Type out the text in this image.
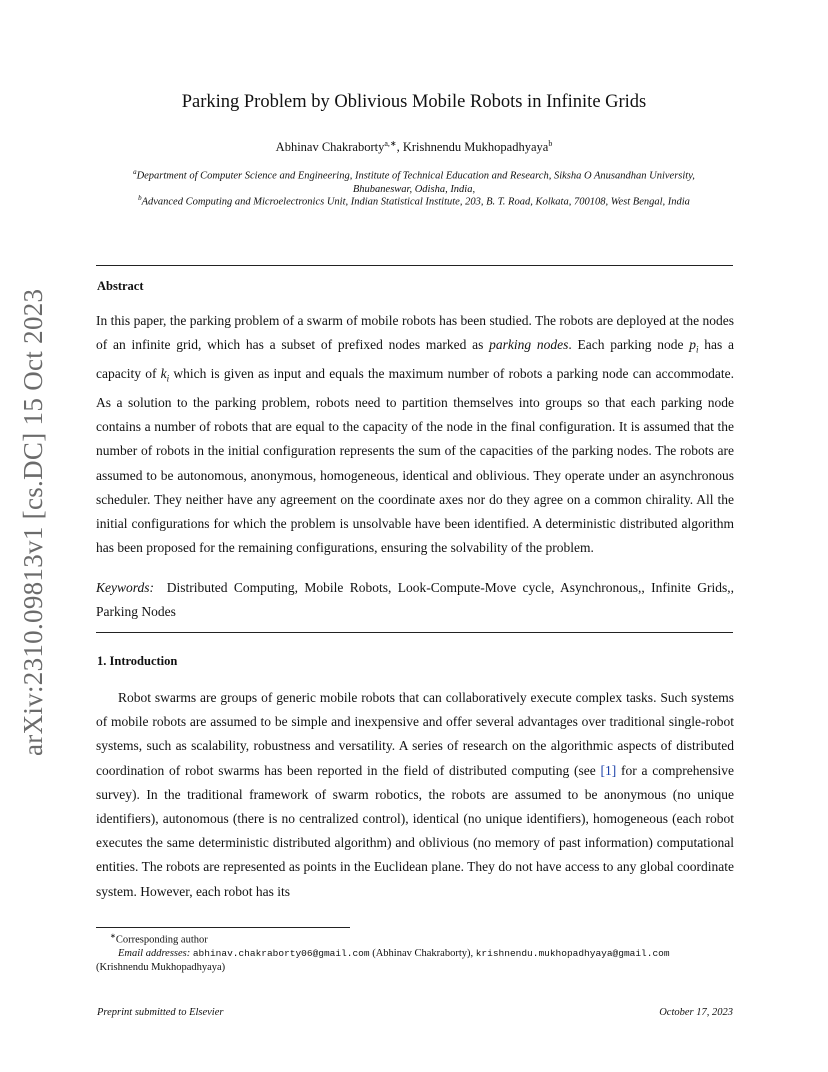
arXiv:2310.09813v1 [cs.DC] 15 Oct 2023
Parking Problem by Oblivious Mobile Robots in Infinite Grids
Abhinav Chakraborty$^{a,∗}$, Krishnendu Mukhopadhyaya$^b$
$^a$Department of Computer Science and Engineering, Institute of Technical Education and Research, Siksha O Anusandhan University, Bhubaneswar, Odisha, India,
$^b$Advanced Computing and Microelectronics Unit, Indian Statistical Institute, 203, B. T. Road, Kolkata, 700108, West Bengal, India
Abstract
In this paper, the parking problem of a swarm of mobile robots has been studied. The robots are deployed at the nodes of an infinite grid, which has a subset of prefixed nodes marked as parking nodes. Each parking node $p_i$ has a capacity of $k_i$ which is given as input and equals the maximum number of robots a parking node can accommodate. As a solution to the parking problem, robots need to partition themselves into groups so that each parking node contains a number of robots that are equal to the capacity of the node in the final configuration. It is assumed that the number of robots in the initial configuration represents the sum of the capacities of the parking nodes. The robots are assumed to be autonomous, anonymous, homogeneous, identical and oblivious. They operate under an asynchronous scheduler. They neither have any agreement on the coordinate axes nor do they agree on a common chirality. All the initial configurations for which the problem is unsolvable have been identified. A deterministic distributed algorithm has been proposed for the remaining configurations, ensuring the solvability of the problem.
Keywords: Distributed Computing, Mobile Robots, Look-Compute-Move cycle, Asynchronous,, Infinite Grids,, Parking Nodes
1. Introduction
Robot swarms are groups of generic mobile robots that can collaboratively execute complex tasks. Such systems of mobile robots are assumed to be simple and inexpensive and offer several advantages over traditional single-robot systems, such as scalability, robustness and versatility. A series of research on the algorithmic aspects of distributed coordination of robot swarms has been reported in the field of distributed computing (see [1] for a comprehensive survey). In the traditional framework of swarm robotics, the robots are assumed to be anonymous (no unique identifiers), autonomous (there is no centralized control), identical (no unique identifiers), homogeneous (each robot executes the same deterministic distributed algorithm) and oblivious (no memory of past information) computational entities. The robots are represented as points in the Euclidean plane. They do not have access to any global coordinate system. However, each robot has its
∗Corresponding author
Email addresses: abhinav.chakraborty06@gmail.com (Abhinav Chakraborty), krishnendu.mukhopadhyaya@gmail.com
(Krishnendu Mukhopadhyaya)
Preprint submitted to Elsevier	October 17, 2023
